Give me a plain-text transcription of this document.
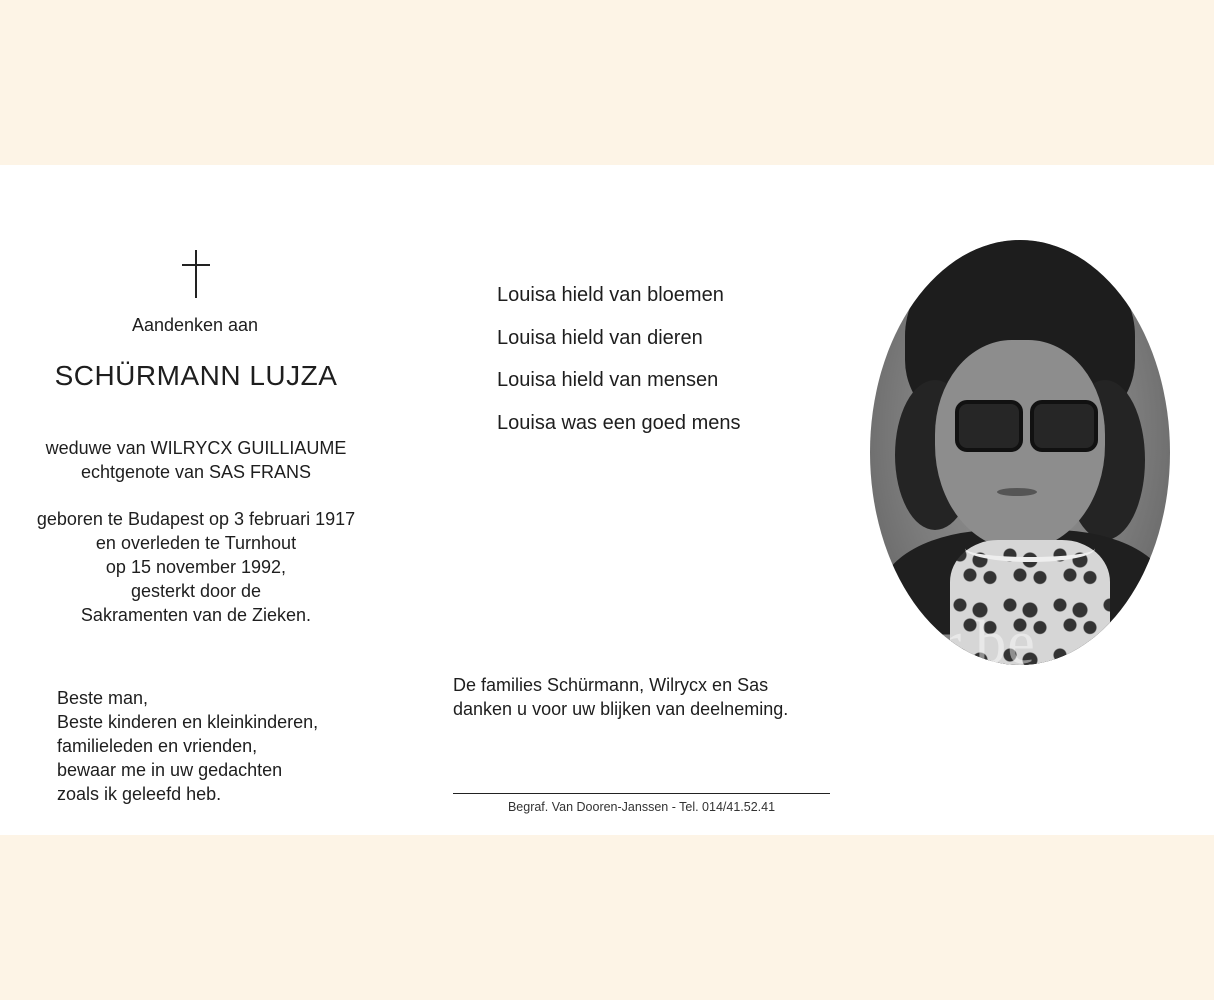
Aandenken aan
SCHÜRMANN LUJZA
weduwe van WILRYCX GUILLIAUME
echtgenote van SAS FRANS
geboren te Budapest op 3 februari 1917
en overleden te Turnhout
op 15 november 1992,
gesterkt door de
Sakramenten van de Zieken.
Beste man,
Beste kinderen en kleinkinderen,
familieleden en vrienden,
bewaar me in uw gedachten
zoals ik geleefd heb.
Louisa hield van bloemen
Louisa hield van dieren
Louisa hield van mensen
Louisa was een goed mens
ger.be
De families Schürmann, Wilrycx en Sas
danken u voor uw blijken van deelneming.
Begraf. Van Dooren-Janssen - Tel. 014/41.52.41
